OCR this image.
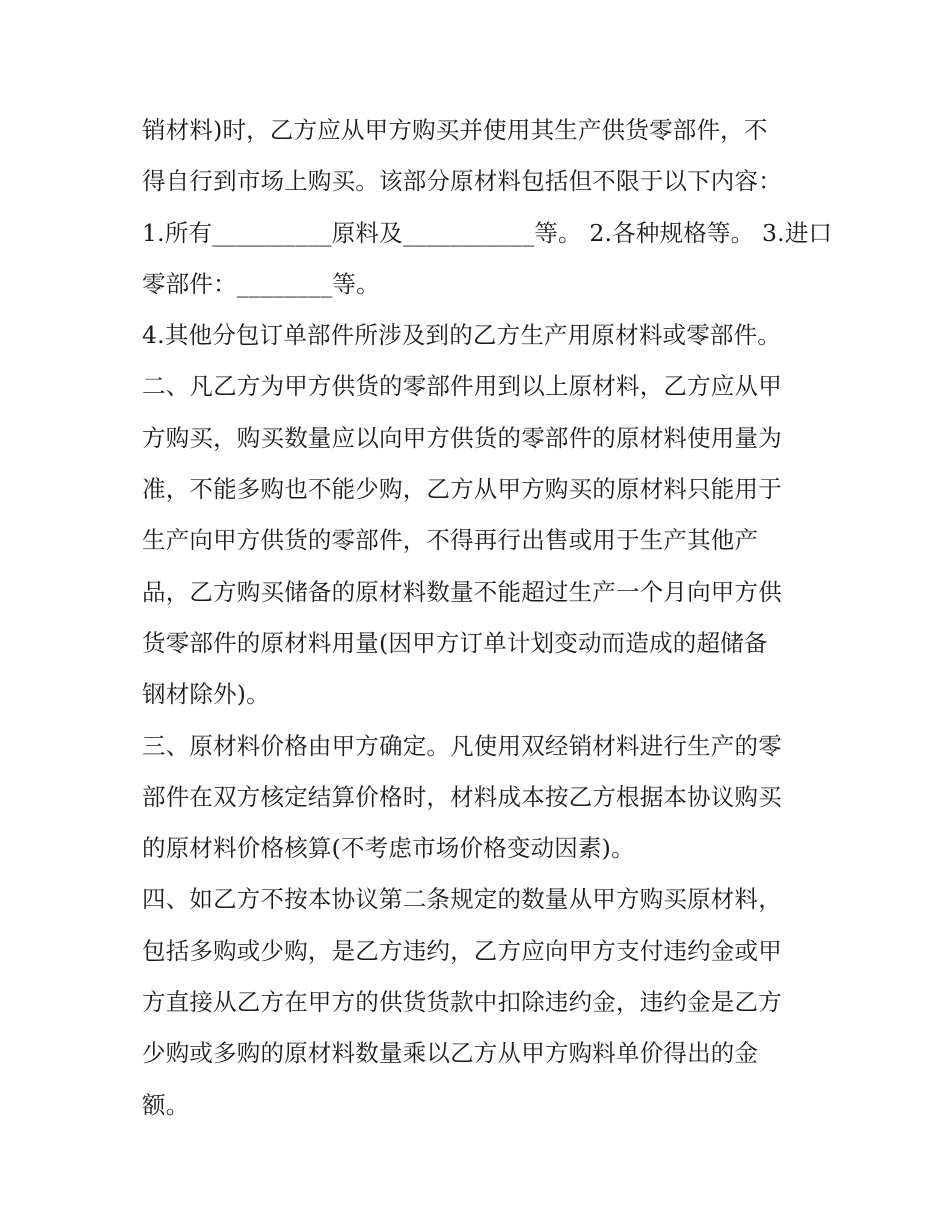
销材料)时，乙方应从甲方购买并使用其生产供货零部件，不
得自行到市场上购买。该部分原材料包括但不限于以下内容：
1.所有__________原料及___________等。 2.各种规格等。 3.进口
零部件：________等。
4.其他分包订单部件所涉及到的乙方生产用原材料或零部件。
二、凡乙方为甲方供货的零部件用到以上原材料，乙方应从甲
方购买，购买数量应以向甲方供货的零部件的原材料使用量为
准，不能多购也不能少购，乙方从甲方购买的原材料只能用于
生产向甲方供货的零部件，不得再行出售或用于生产其他产
品，乙方购买储备的原材料数量不能超过生产一个月向甲方供
货零部件的原材料用量(因甲方订单计划变动而造成的超储备
钢材除外)。
三、原材料价格由甲方确定。凡使用双经销材料进行生产的零
部件在双方核定结算价格时，材料成本按乙方根据本协议购买
的原材料价格核算(不考虑市场价格变动因素)。
四、如乙方不按本协议第二条规定的数量从甲方购买原材料，
包括多购或少购，是乙方违约，乙方应向甲方支付违约金或甲
方直接从乙方在甲方的供货货款中扣除违约金，违约金是乙方
少购或多购的原材料数量乘以乙方从甲方购料单价得出的金
额。
